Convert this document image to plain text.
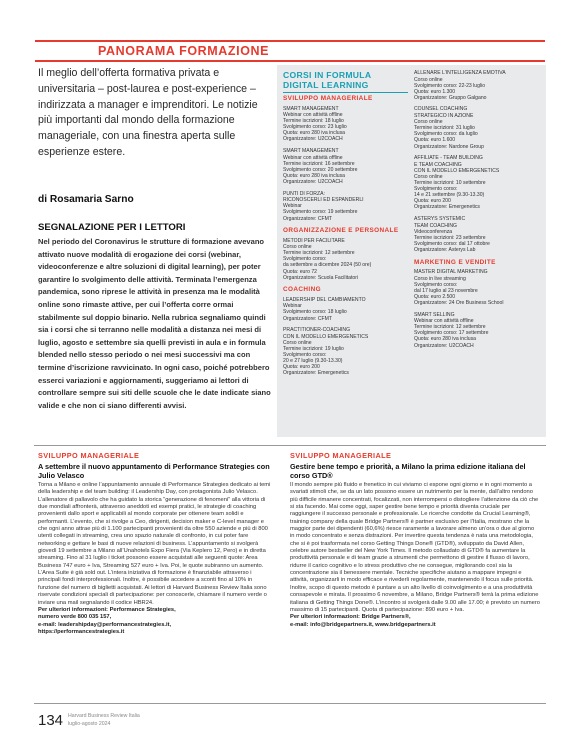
PANORAMA FORMAZIONE

Il meglio dell’offerta formativa privata e universitaria – post-laurea e post-experience – indirizzata a manager e imprenditori. Le notizie più importanti dal mondo della formazione manageriale, con una finestra aperta sulle esperienze estere.

di Rosamaria Sarno

SEGNALAZIONE PER I LETTORI

Nel periodo del Coronavirus le strutture di formazione avevano attivato nuove modalità di erogazione dei corsi (webinar, videoconferenze e altre soluzioni di digital learning), per poter garantire lo svolgimento delle attività. Terminata l’emergenza pandemica, sono riprese le attività in presenza ma le modalità online sono rimaste attive, per cui l’offerta corre ormai stabilmente sul doppio binario. Nella rubrica segnaliamo quindi sia i corsi che si terranno nelle modalità a distanza nei mesi di luglio, agosto e settembre sia quelli previsti in aula e in formula blended nello stesso periodo o nei mesi successivi ma con termine d’iscrizione ravvicinato. In ogni caso, poiché potrebbero esserci variazioni e aggiornamenti, suggeriamo ai lettori di controllare sempre sui siti delle scuole che le date indicate siano valide e che non ci siano differenti avvisi.

CORSI IN FORMULA
DIGITAL LEARNING
SVILUPPO MANAGERIALE
SMART MANAGEMENT
Webinar con attività offline
Termine iscrizioni: 18 luglio
Svolgimento corso: 23 luglio
Quota: euro 280 iva inclusa
Organizzatore: U2COACH
SMART MANAGEMENT
Webinar con attività offline
Termine iscrizioni: 16 settembre
Svolgimento corso: 20 settembre
Quota: euro 280 iva inclusa
Organizzatore: U2COACH
PUNTI DI FORZA:
RICONOSCERLI ED ESPANDERLI
Webinar
Svolgimento corso: 19 settembre
Organizzatore: CFMT
ORGANIZZAZIONE E PERSONALE
METODI PER FACILITARE
Corso online
Termine iscrizioni: 12 settembre
Svolgimento corso:
da settembre a dicembre 2024 (50 ore)
Quota: euro 72
Organizzatore: Scuola Facilitatori
COACHING
LEADERSHIP DEL CAMBIAMENTO
Webinar
Svolgimento corso: 18 luglio
Organizzatore: CFMT
PRACTITIONER-COACHING
CON IL MODELLO EMERGENETICS
Corso online
Termine iscrizioni: 19 luglio
Svolgimento corso:
20 e 27 luglio (9.30-13.30)
Quota: euro 200
Organizzatore: Emergenetics
ALLENARE L’INTELLIGENZA EMOTIVA
Corso online
Svolgimento corso: 22-23 luglio
Quota: euro 1.300
Organizzatore: Gruppo Galgano
COUNSEL COACHING
STRATEGICO IN AZIONE
Corso online
Termine iscrizioni: 31 luglio
Svolgimento corso: da luglio
Quota: euro 1.600
Organizzatore: Nardone Group
AFFILIATE - TEAM BUILDING
E TEAM COACHING
CON IL MODELLO EMERGENETICS
Corso online
Termine iscrizioni: 10 settembre
Svolgimento corso:
14 e 21 settembre (9.30-13.30)
Quota: euro 200
Organizzatore: Emergenetics
ASTERYS SYSTEMIC
TEAM COACHING
Videoconferenza
Termine iscrizioni: 23 settembre
Svolgimento corso: dal 17 ottobre
Organizzatore: Asterys Lab
MARKETING E VENDITE
MASTER DIGITAL MARKETING
Corso in live streaming
Svolgimento corso:
dal 17 luglio al 23 novembre
Quota: euro 2.500
Organizzatore: 24 Ore Business School
SMART SELLING
Webinar con attività offline
Termine iscrizioni: 12 settembre
Svolgimento corso: 17 settembre
Quota: euro 280 iva inclusa
Organizzatore: U2COACH
SVILUPPO MANAGERIALE
A settembre il nuovo appuntamento di Performance Strategies con Julio Velasco

Torna a Milano e online l’appuntamento annuale di Performance Strategies dedicato ai temi della leadership e del team building: il Leadership Day, con protagonista Julio Velasco. L’allenatore di pallavolo che ha guidato la storica “generazione di fenomeni” alla vittoria di due mondiali affronterà, attraverso aneddoti ed esempi pratici, le strategie di coaching provenienti dallo sport e applicabili al mondo corporate per ottenere team solidi e performanti. L’evento, che si rivolge a Ceo, dirigenti, decision maker e C-level manager e che ogni anno attrae più di 1.100 partecipanti provenienti da oltre 550 aziende e più di 800 utenti collegati in streaming, crea uno spazio naturale di confronto, in cui poter fare networking e gettare le basi di nuove relazioni di business. L’appuntamento si svolgerà giovedì 19 settembre a Milano all’Unahotels Expo Fiera (Via Keplero 12, Pero) e in diretta streaming. Fino al 31 luglio i ticket possono essere acquistati alle seguenti quote: Area Business 747 euro + Iva, Streaming 527 euro + Iva. Poi, le quote subiranno un aumento. L’Area Suite è già sold out. L’intera iniziativa di formazione è finanziabile attraverso i principali fondi interprofessionali. Inoltre, è possibile accedere a sconti fino al 10% in funzione del numero di biglietti acquistati. Ai lettori di Harvard Business Review Italia sono riservate condizioni speciali di partecipazione: per conoscerle, chiamare il numero verde o inviare una mail segnalando il codice HBR24.

Per ulteriori informazioni: Performance Strategies,
numero verde 800 035 157,
e-mail: leadershipday@performancestrategies.it,
https://performancestrategies.it
SVILUPPO MANAGERIALE
Gestire bene tempo e priorità, a Milano la prima edizione italiana del corso GTD®

Il mondo sempre più fluido e frenetico in cui viviamo ci espone ogni giorno e in ogni momento a svariati stimoli che, se da un lato possono essere un nutrimento per la mente, dall’altro rendono più difficile rimanere concentrati, focalizzati, non interrompersi o distogliere l’attenzione da ciò che si sta facendo. Mai come oggi, saper gestire bene tempo e priorità diventa cruciale per raggiungere il successo personale e professionale. Le ricerche condotte da Crucial Learning®, training company della quale Bridge Partners® è partner esclusivo per l’Italia, mostrano che la maggior parte dei dipendenti (60,6%) riesce raramente a lavorare almeno un’ora o due al giorno in modo concentrato e senza distrazioni. Per invertire questa tendenza è nata una metodologia, che si è poi trasformata nel corso Getting Things Done® (GTD®), sviluppato da David Allen, celebre autore bestseller del New York Times. Il metodo collaudato di GTD® fa aumentare la produttività personale e di team grazie a strumenti che permettono di gestire il flusso di lavoro, ridurre il carico cognitivo e lo stress produttivo che ne consegue, migliorando così sia la concentrazione sia il benessere mentale. Tecniche specifiche aiutano a mappare impegni e attività, organizzarli in modo efficace e rivederli regolarmente, mantenendo il focus sulle priorità. Inoltre, scopo di questo metodo è puntare a un alto livello di coinvolgimento e a una produttività consapevole e mirata. Il prossimo 6 novembre, a Milano, Bridge Partners® terrà la prima edizione italiana di Getting Things Done®. L’incontro si svolgerà dalle 9.00 alle 17.00; è previsto un numero massimo di 15 partecipanti. Quota di partecipazione: 890 euro + Iva.

Per ulteriori informazioni: Bridge Partners®,
e-mail: info@bridgepartners.it, www.bridgepartners.it
134 Harvard Business Review Italia
luglio-agosto 2024
